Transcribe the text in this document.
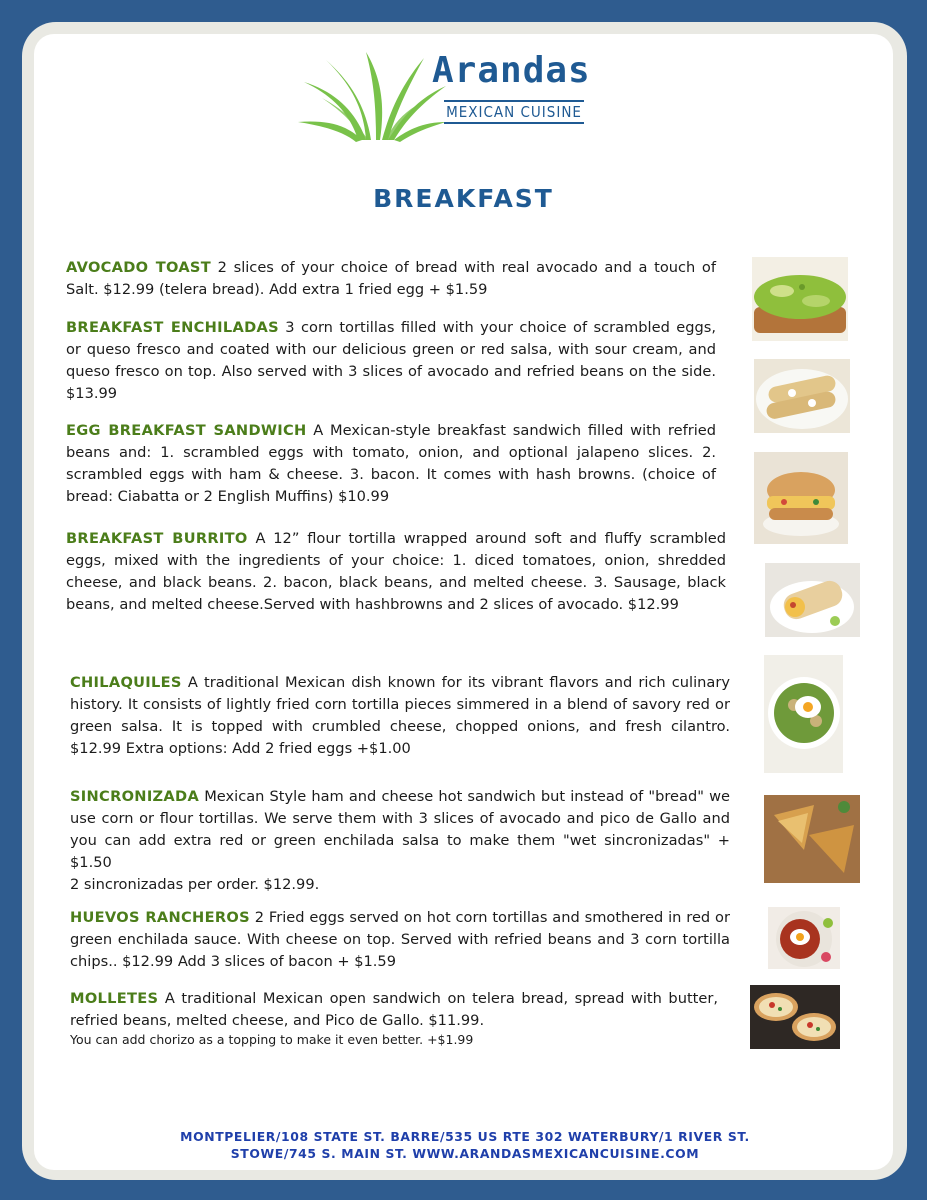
Arandas
MEXICAN CUISINE
BREAKFAST
AVOCADO TOAST 2 slices of your choice of bread with real avocado and a touch of Salt. $12.99 (telera bread). Add extra 1 fried egg + $1.59
BREAKFAST ENCHILADAS 3 corn tortillas filled with your choice of scrambled eggs, or queso fresco and coated with our delicious green or red salsa, with sour cream, and queso fresco on top. Also served with 3 slices of avocado and refried beans on the side. $13.99
EGG BREAKFAST SANDWICH A Mexican-style breakfast sandwich filled with refried beans and: 1. scrambled eggs with tomato, onion, and optional jalapeno slices. 2. scrambled eggs with ham & cheese. 3. bacon. It comes with hash browns. (choice of bread: Ciabatta or 2 English Muffins) $10.99
BREAKFAST BURRITO A 12” flour tortilla wrapped around soft and fluffy scrambled eggs, mixed with the ingredients of your choice: 1. diced tomatoes, onion, shredded cheese, and black beans. 2. bacon, black beans, and melted cheese. 3. Sausage, black beans, and melted cheese.Served with hashbrowns and 2 slices of avocado. $12.99
CHILAQUILES A traditional Mexican dish known for its vibrant flavors and rich culinary history. It consists of lightly fried corn tortilla pieces simmered in a blend of savory red or green salsa. It is topped with crumbled cheese, chopped onions, and fresh cilantro. $12.99 Extra options: Add 2 fried eggs +$1.00
SINCRONIZADA Mexican Style ham and cheese hot sandwich but instead of "bread" we use corn or flour tortillas. We serve them with 3 slices of avocado and pico de Gallo and you can add extra red or green enchilada salsa to make them "wet sincronizadas" + $1.50
2 sincronizadas per order. $12.99.
HUEVOS RANCHEROS 2 Fried eggs served on hot corn tortillas and smothered in red or green enchilada sauce. With cheese on top. Served with refried beans and 3 corn tortilla chips.. $12.99 Add 3 slices of bacon + $1.59
MOLLETES A traditional Mexican open sandwich on telera bread, spread with butter, refried beans, melted cheese, and Pico de Gallo. $11.99.
You can add chorizo as a topping to make it even better. +$1.99
MONTPELIER/108 STATE ST. BARRE/535 US RTE 302 WATERBURY/1 RIVER ST.
STOWE/745 S. MAIN ST. WWW.ARANDASMEXICANCUISINE.COM
